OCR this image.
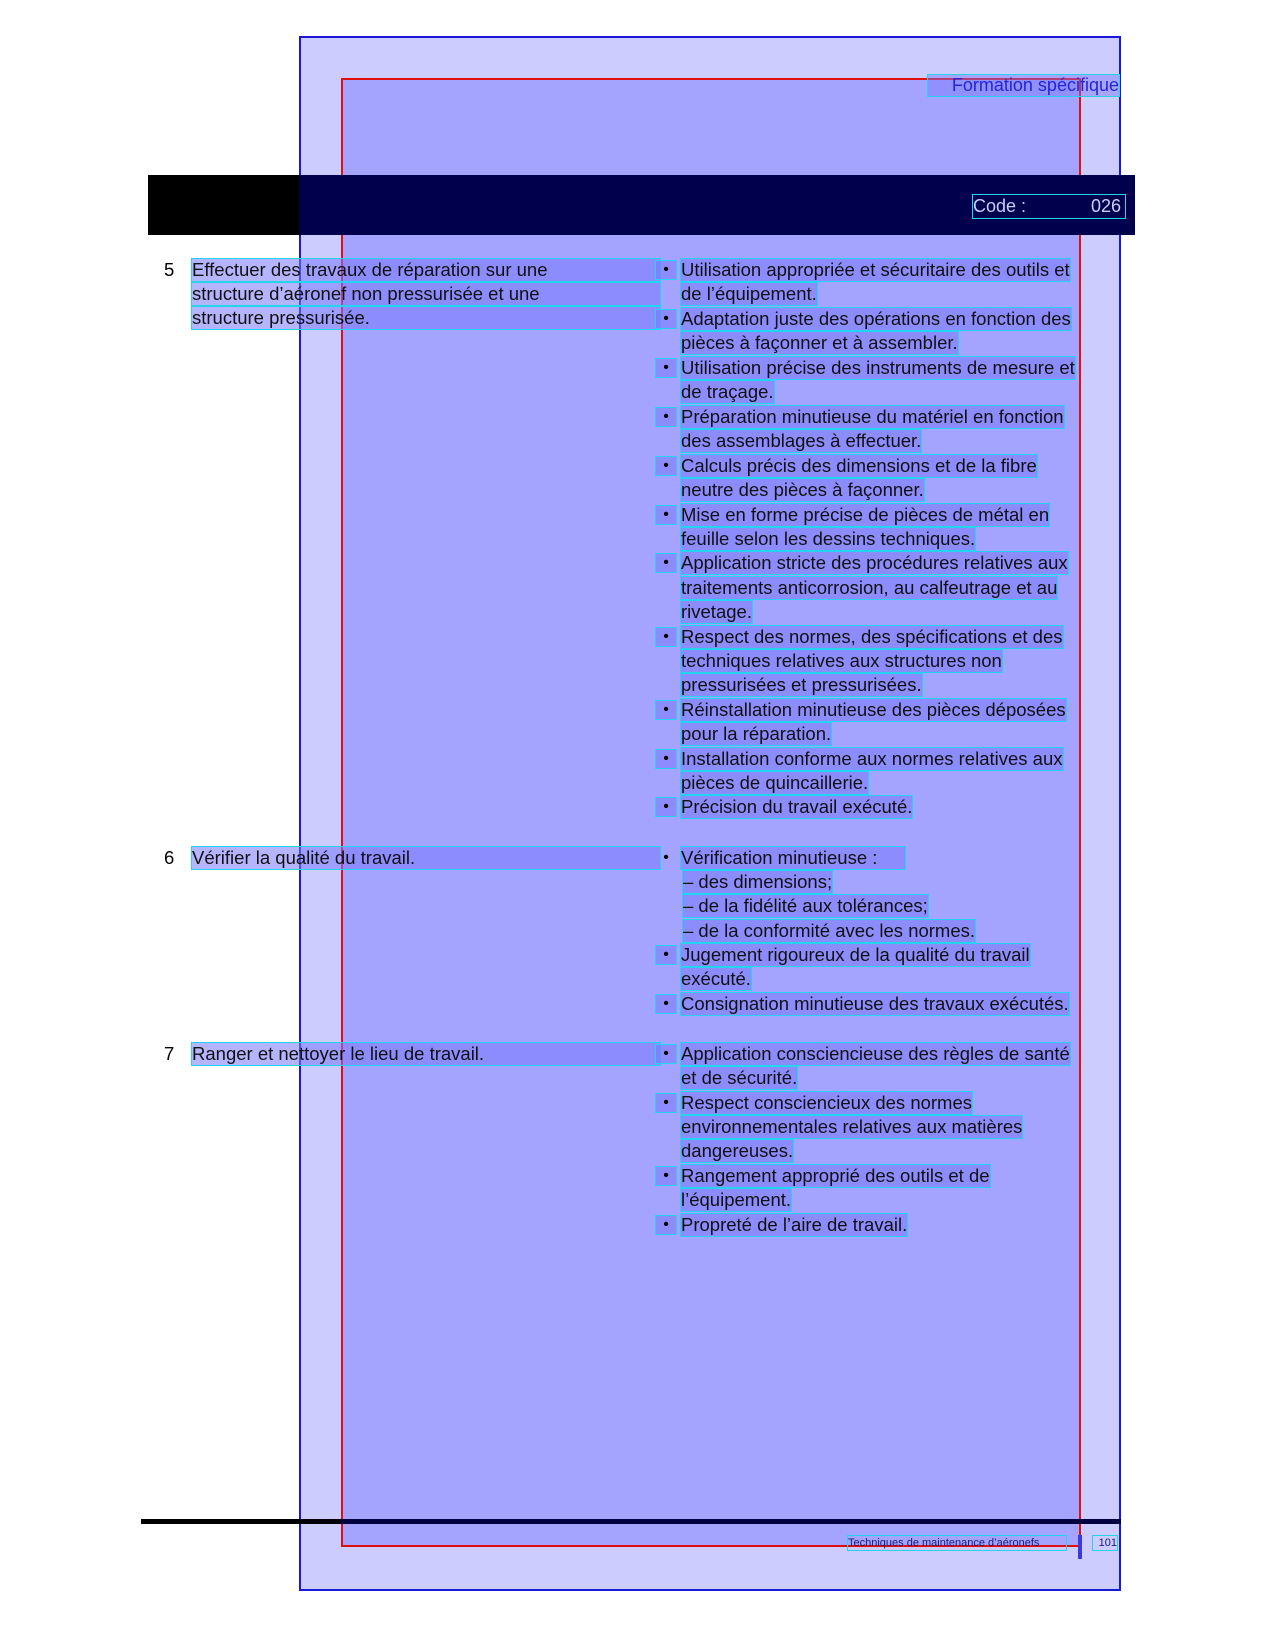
Formation spécifique
Code :	026
5 Effectuer des travaux de réparation sur une
structure d’aéronef non pressurisée et une
structure pressurisée.
• Utilisation appropriée et sécuritaire des outils et
de l’équipement.
• Adaptation juste des opérations en fonction des
pièces à façonner et à assembler.
• Utilisation précise des instruments de mesure et
de traçage.
• Préparation minutieuse du matériel en fonction
des assemblages à effectuer.
• Calculs précis des dimensions et de la fibre
neutre des pièces à façonner.
• Mise en forme précise de pièces de métal en
feuille selon les dessins techniques.
• Application stricte des procédures relatives aux
traitements anticorrosion, au calfeutrage et au
rivetage.
• Respect des normes, des spécifications et des
techniques relatives aux structures non
pressurisées et pressurisées.
• Réinstallation minutieuse des pièces déposées
pour la réparation.
• Installation conforme aux normes relatives aux
pièces de quincaillerie.
• Précision du travail exécuté.
6 Vérifier la qualité du travail.	• Vérification minutieuse :
– des dimensions;
– de la fidélité aux tolérances;
– de la conformité avec les normes.
• Jugement rigoureux de la qualité du travail
exécuté.
• Consignation minutieuse des travaux exécutés.
7 Ranger et nettoyer le lieu de travail.	• Application consciencieuse des règles de santé
et de sécurité.
• Respect consciencieux des normes
environnementales relatives aux matières
dangereuses.
• Rangement approprié des outils et de
l’équipement.
• Propreté de l’aire de travail.
Techniques de maintenance d’aéronefs	101
